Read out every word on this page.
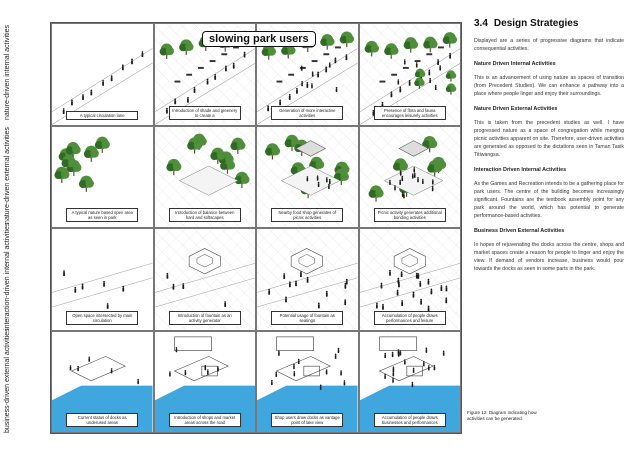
nature-driven internal activities
nature-driven external activities
interaction-driven internal activities
business-driven external activities
A typical circulation lane
Introduction of shade and greenery to create a
Generation of more interactive activities
Presence of flora and fauna encourages leisurely activities
A typical nature based open area as seen in park
Introduction of balance between hard and softscapes
Nearby food shop generates of picnic activities
Picnic activity generates additional bonding activities
Open space intersected by main circulation
Introduction of fountain as an activity generator
Potential usage of fountain as seatings
Accumulation of people draws performances and leisure
Current status of docks as underused areas
Introduction of shops and market areas across the road
Shop users draw docks as vantage point of lake view
Accumulation of people draws businesses and performances
slowing park users
3.4 Design Strategies

Displayed are a series of progressive diagrams that indicate consequential activities.

Nature Driven Internal Activities

This is an advancement of using nature as spaces of transition (from Precedent Studies). We can enhance a pathway into a place where people linger and enjoy their surroundings.

Nature Driven External Activities

This is taken from the precedent studies as well. I have progressed nature as a space of congregation while merging picnic activities apparent on site. Therefore, user-driven activities are generated as opposed to the dictations seen in Taman Tasik Titiwangsa.

Interaction Driven Internal Activities

As the Games and Recreation intends to be a gathering place for park users. The centre of the building becomes increasingly significant. Fountains are the textbook assembly point for any park around the world, which has potential to generate performance-based activities.

Business Driven External Activities

In hopes of rejuvenating the docks across the centre, shops and market spaces create a reason for people to linger and enjoy the view. If demand of vendors increase, business would pour towards the docks as seen in some parts in the park.

Figure 12: Diagram indicating how activities can be generated.
